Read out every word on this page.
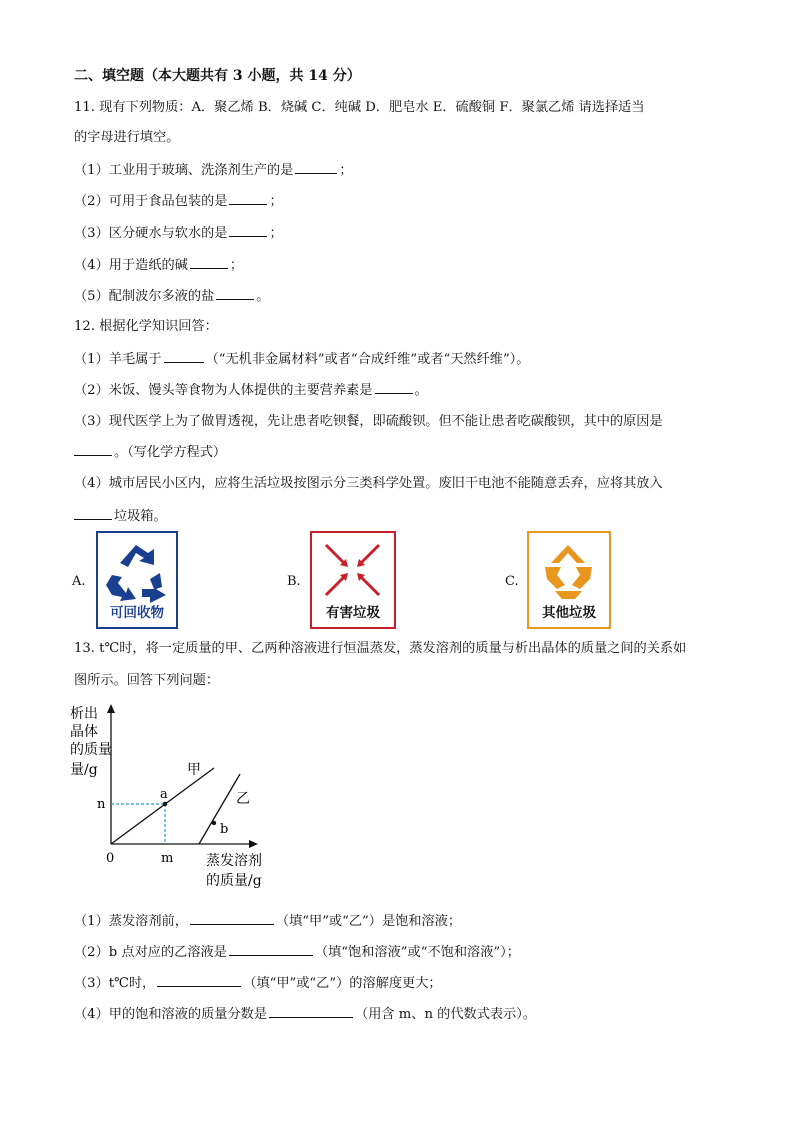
二、填空题（本大题共有 3 小题，共 14 分）
11. 现有下列物质：A．聚乙烯 B．烧碱 C．纯碱 D．肥皂水 E．硫酸铜 F．聚氯乙烯 请选择适当
的字母进行填空。
（1）工业用于玻璃、洗涤剂生产的是	；
（2）可用于食品包装的是	；
（3）区分硬水与软水的是	；
（4）用于造纸的碱	；
（5）配制波尔多液的盐	。
12. 根据化学知识回答：
（1）羊毛属于	（“无机非金属材料”或者“合成纤维”或者“天然纤维”）。
（2）米饭、馒头等食物为人体提供的主要营养素是	。
（3）现代医学上为了做胃透视，先让患者吃钡餐，即硫酸钡。但不能让患者吃碳酸钡，其中的原因是
。（写化学方程式）
（4）城市居民小区内，应将生活垃圾按图示分三类科学处置。废旧干电池不能随意丢弃，应将其放入
垃圾箱。
A.
可回收物
B.
有害垃圾
C.
其他垃圾
13. t℃时，将一定质量的甲、乙两种溶液进行恒温蒸发，蒸发溶剂的质量与析出晶体的质量之间的关系如
图所示。回答下列问题：
析出
晶体
的质量
量/g
a
b
甲
乙
n
m
0	蒸发溶剂
的质量/g
（1）蒸发溶剂前，	（填“甲”或“乙”）是饱和溶液；
（2）b 点对应的乙溶液是	（填“饱和溶液”或“不饱和溶液”）；
（3）t℃时，	（填“甲”或“乙”）的溶解度更大；
（4）甲的饱和溶液的质量分数是	（用含 m、n 的代数式表示）。
